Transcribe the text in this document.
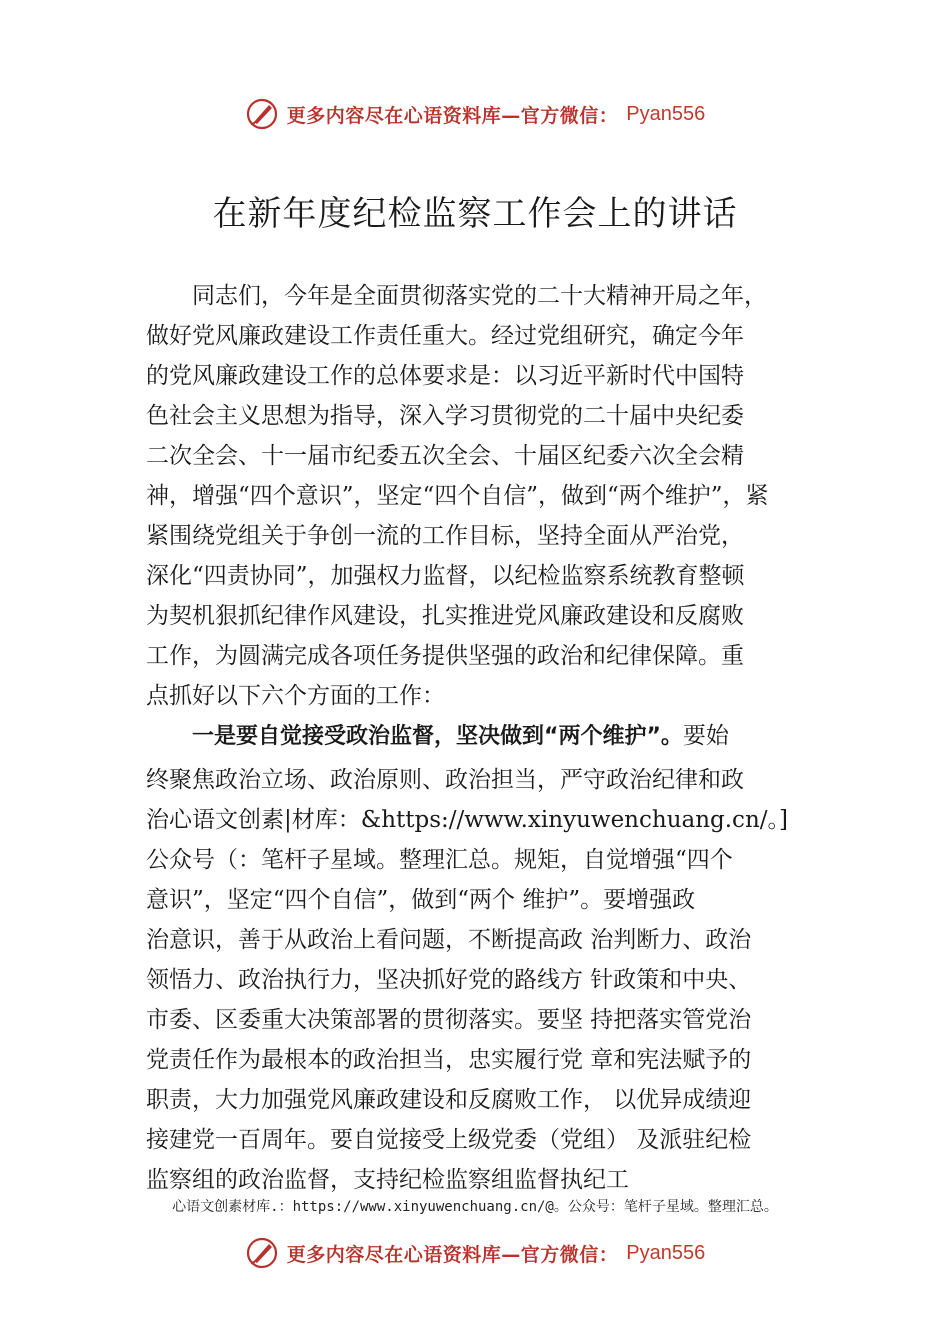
更多内容尽在心语资料库—官方微信： Pyan556
在新年度纪检监察工作会上的讲话
同志们，今年是全面贯彻落实党的二十大精神开局之年，
做好党风廉政建设工作责任重大。经过党组研究，确定今年
的党风廉政建设工作的总体要求是：以习近平新时代中国特
色社会主义思想为指导，深入学习贯彻党的二十届中央纪委
二次全会、十一届市纪委五次全会、十届区纪委六次全会精
神，增强“四个意识”，坚定“四个自信”，做到“两个维护”，紧
紧围绕党组关于争创一流的工作目标，坚持全面从严治党，
深化“四责协同”，加强权力监督，以纪检监察系统教育整顿
为契机狠抓纪律作风建设，扎实推进党风廉政建设和反腐败
工作，为圆满完成各项任务提供坚强的政治和纪律保障。重
点抓好以下六个方面的工作：
一是要自觉接受政治监督，坚决做到“两个维护”。要始
终聚焦政治立场、政治原则、政治担当，严守政治纪律和政
治心语文创素|材库：&https://www.xinyuwenchuang.cn/。]
公众号（：笔杆子星域。整理汇总。规矩，自觉增强“四个
意识”，坚定“四个自信”，做到“两个 维护”。要增强政
治意识，善于从政治上看问题，不断提高政 治判断力、政治
领悟力、政治执行力，坚决抓好党的路线方 针政策和中央、
市委、区委重大决策部署的贯彻落实。要坚 持把落实管党治
党责任作为最根本的政治担当，忠实履行党 章和宪法赋予的
职责，大力加强党风廉政建设和反腐败工作， 以优异成绩迎
接建党一百周年。要自觉接受上级党委（党组） 及派驻纪检
监察组的政治监督，支持纪检监察组监督执纪工
心语文创素材库.：https://www.xinyuwenchuang.cn/@。公众号：笔杆子星域。整理汇总。
更多内容尽在心语资料库—官方微信： Pyan556
